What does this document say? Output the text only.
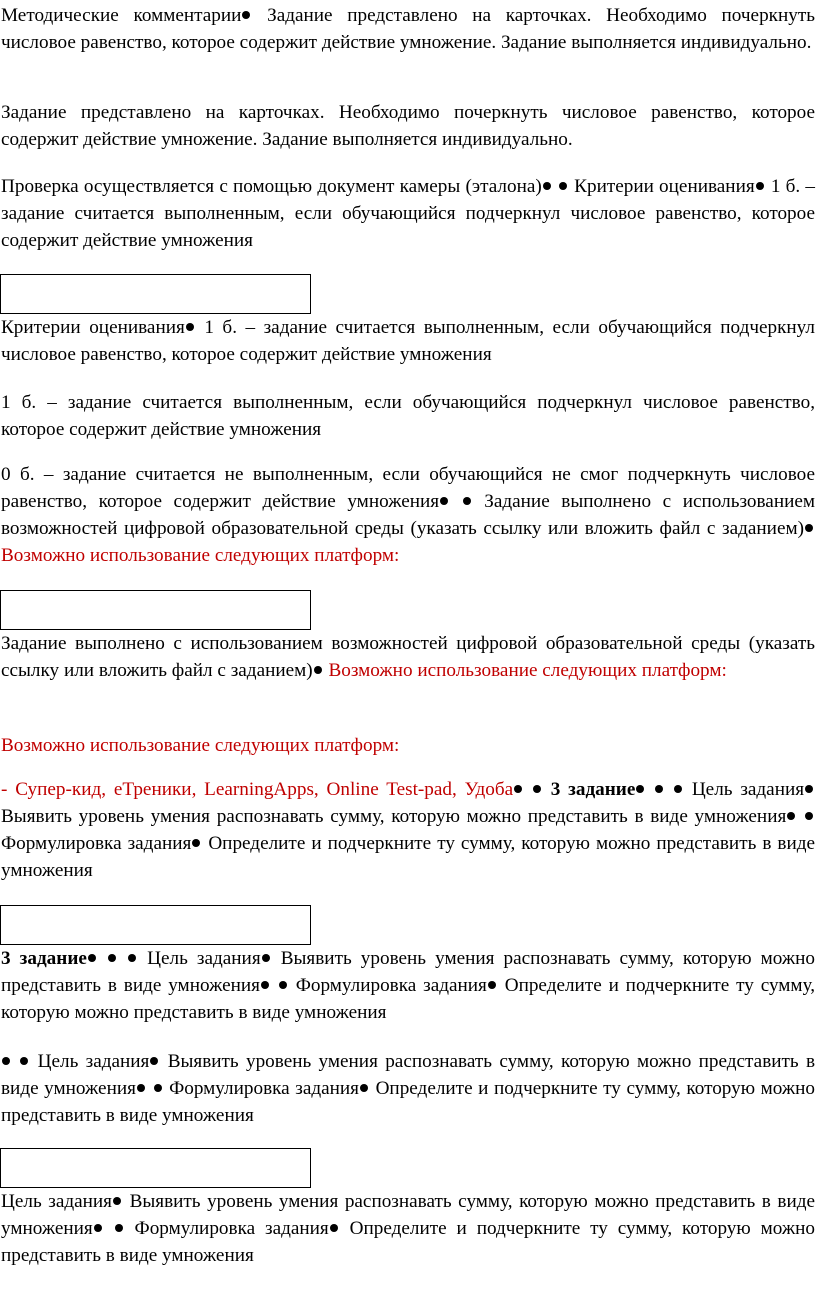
Методические комментарии Задание представлено на карточках. Необходимо почеркнуть числовое равенство, которое содержит действие умножение. Задание выполняется индивидуально.

Задание представлено на карточках. Необходимо почеркнуть числовое равенство, которое содержит действие умножение. Задание выполняется индивидуально.

Проверка осуществляется с помощью документ камеры (эталона) Критерии оценивания 1 б. – задание считается выполненным, если обучающийся подчеркнул числовое равенство, которое содержит действие умножения

Критерии оценивания 1 б. – задание считается выполненным, если обучающийся подчеркнул числовое равенство, которое содержит действие умножения

1 б. – задание считается выполненным, если обучающийся подчеркнул числовое равенство, которое содержит действие умножения

0 б. – задание считается не выполненным, если обучающийся не смог подчеркнуть числовое равенство, которое содержит действие умножения Задание выполнено с использованием возможностей цифровой образовательной среды (указать ссылку или вложить файл с заданием) Возможно использование следующих платформ:

Задание выполнено с использованием возможностей цифровой образовательной среды (указать ссылку или вложить файл с заданием) Возможно использование следующих платформ:

Возможно использование следующих платформ:

- Супер-кид, еТреники, LearningApps, Online Test-pad, Удоба 3 задание	Цель задания Выявить уровень умения распознавать сумму, которую можно представить в виде умножения  Формулировка задания Определите и подчеркните ту сумму, которую можно представить в виде умножения

3 задание	Цель задания Выявить уровень умения распознавать сумму, которую можно представить в виде умножения Формулировка задания Определите и подчеркните ту сумму, которую можно представить в виде умножения

Цель задания Выявить уровень умения распознавать сумму, которую можно представить в виде умножения Формулировка задания Определите и подчеркните ту сумму, которую можно представить в виде умножения

Цель задания Выявить уровень умения распознавать сумму, которую можно представить в виде умножения Формулировка задания Определите и подчеркните ту сумму, которую можно представить в виде умножения
